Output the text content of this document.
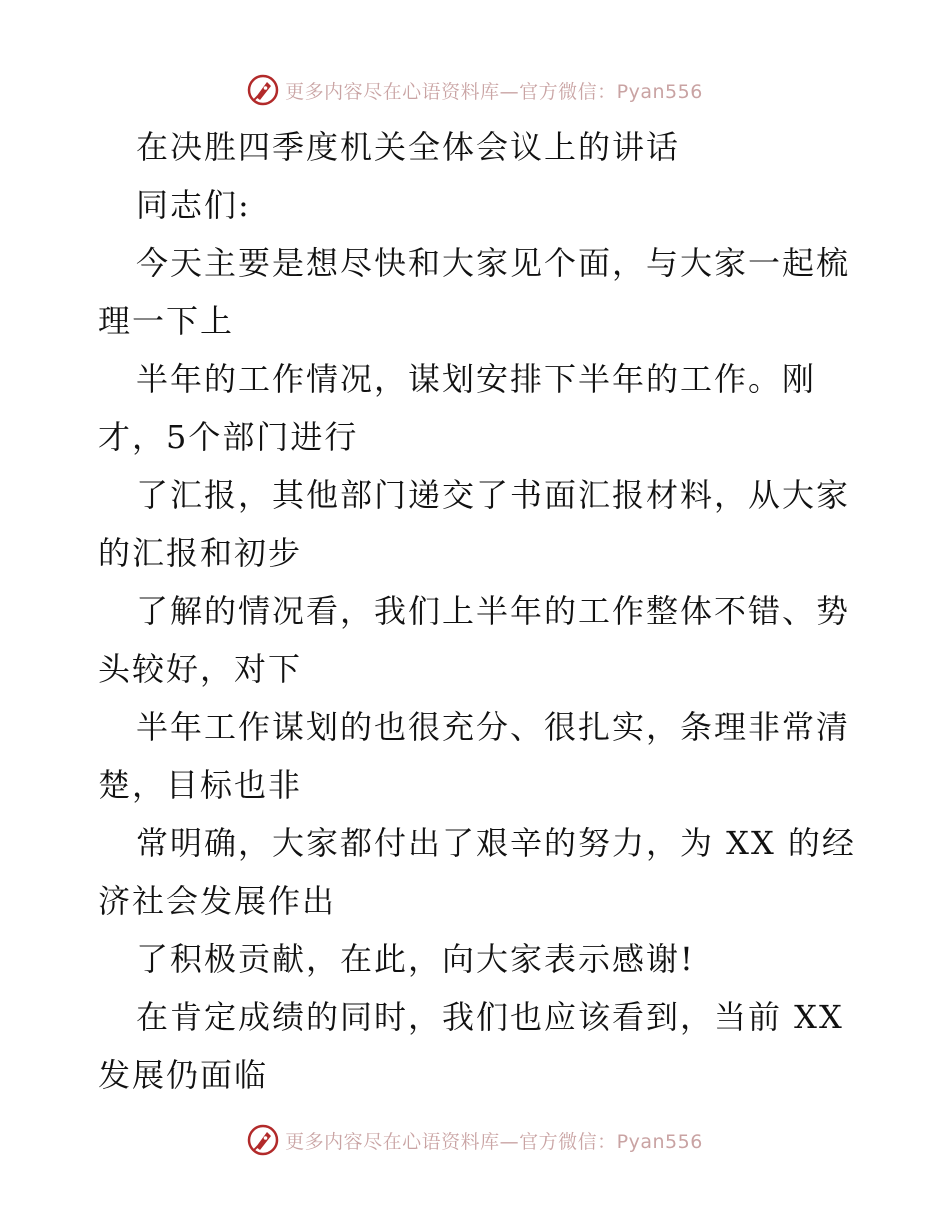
更多内容尽在心语资料库—官方微信：Pyan556
在决胜四季度机关全体会议上的讲话
同志们:
今天主要是想尽快和大家见个面，与大家一起梳
理一下上
半年的工作情况，谋划安排下半年的工作。刚
才，5个部门进行
了汇报，其他部门递交了书面汇报材料，从大家
的汇报和初步
了解的情况看，我们上半年的工作整体不错、势
头较好，对下
半年工作谋划的也很充分、很扎实，条理非常清
楚，目标也非
常明确，大家都付出了艰辛的努力，为 XX 的经
济社会发展作出
了积极贡献，在此，向大家表示感谢!
在肯定成绩的同时，我们也应该看到，当前 XX
发展仍面临
更多内容尽在心语资料库—官方微信：Pyan556
